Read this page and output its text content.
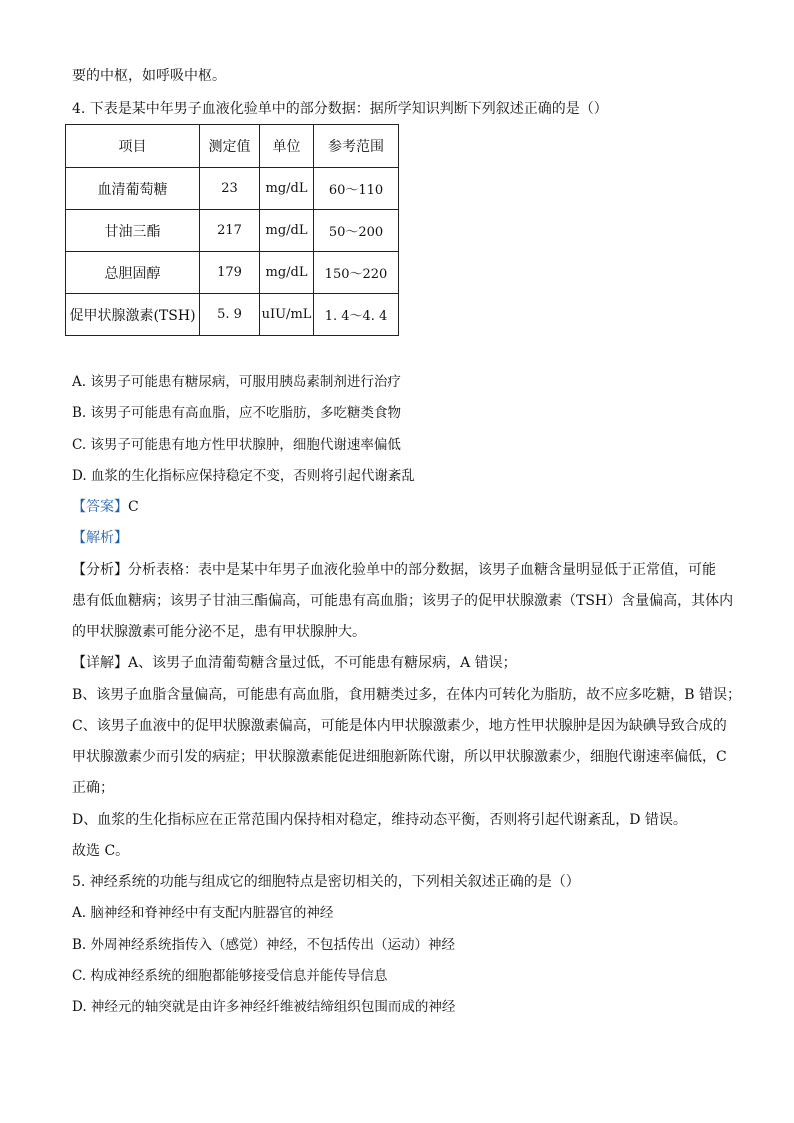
要的中枢，如呼吸中枢。
4. 下表是某中年男子血液化验单中的部分数据：据所学知识判断下列叙述正确的是（）
项目	测定值	单位	参考范围
血清葡萄糖	23	mg/dL	60～110
甘油三酯	217	mg/dL	50～200
总胆固醇	179	mg/dL	150～220
促甲状腺激素(TSH)	5. 9	uIU/mL	1. 4～4. 4
A. 该男子可能患有糖尿病，可服用胰岛素制剂进行治疗
B. 该男子可能患有高血脂，应不吃脂肪，多吃糖类食物
C. 该男子可能患有地方性甲状腺肿，细胞代谢速率偏低
D. 血浆的生化指标应保持稳定不变，否则将引起代谢紊乱
【答案】C
【解析】
【分析】分析表格：表中是某中年男子血液化验单中的部分数据，该男子血糖含量明显低于正常值，可能
患有低血糖病；该男子甘油三酯偏高，可能患有高血脂；该男子的促甲状腺激素（TSH）含量偏高，其体内
的甲状腺激素可能分泌不足，患有甲状腺肿大。
【详解】A、该男子血清葡萄糖含量过低，不可能患有糖尿病，A 错误；
B、该男子血脂含量偏高，可能患有高血脂，食用糖类过多，在体内可转化为脂肪，故不应多吃糖，B 错误；
C、该男子血液中的促甲状腺激素偏高，可能是体内甲状腺激素少，地方性甲状腺肿是因为缺碘导致合成的
甲状腺激素少而引发的病症；甲状腺激素能促进细胞新陈代谢，所以甲状腺激素少，细胞代谢速率偏低，C
正确；
D、血浆的生化指标应在正常范围内保持相对稳定，维持动态平衡，否则将引起代谢紊乱，D 错误。
故选 C。
5. 神经系统的功能与组成它的细胞特点是密切相关的，下列相关叙述正确的是（）
A. 脑神经和脊神经中有支配内脏器官的神经
B. 外周神经系统指传入（感觉）神经，不包括传出（运动）神经
C. 构成神经系统的细胞都能够接受信息并能传导信息
D. 神经元的轴突就是由许多神经纤维被结缔组织包围而成的神经
